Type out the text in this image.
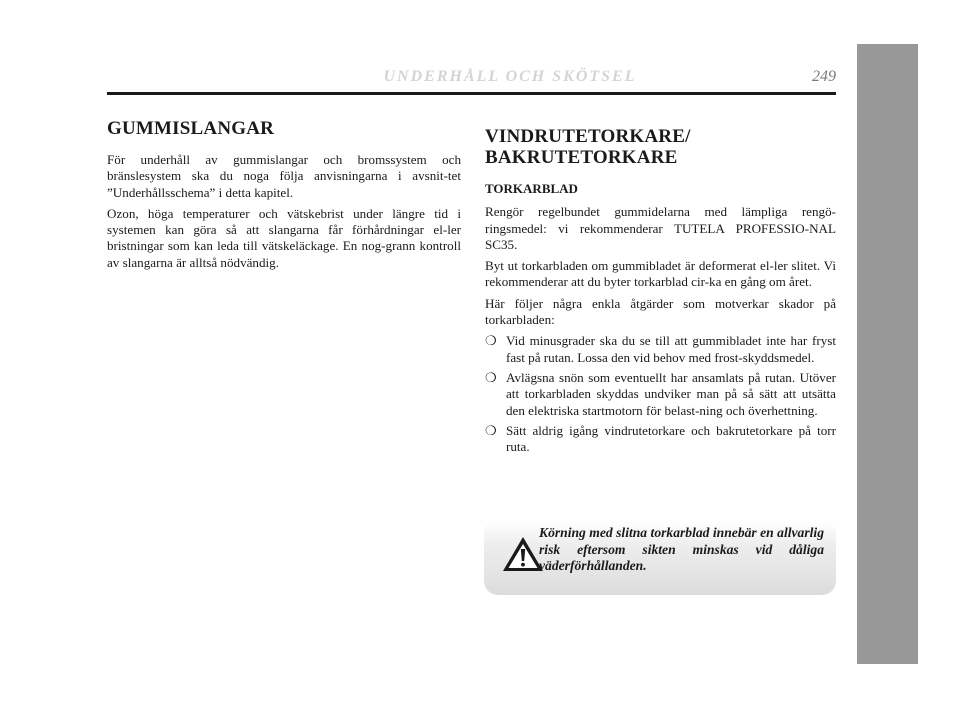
UNDERHÅLL OCH SKÖTSEL	249
GUMMISLANGAR
För underhåll av gummislangar och bromssystem och bränslesystem ska du noga följa anvisningarna i avsnit-tet ”Underhållsschema” i detta kapitel.
Ozon, höga temperaturer och vätskebrist under längre tid i systemen kan göra så att slangarna får förhårdningar el-ler bristningar som kan leda till vätskeläckage. En nog-grann kontroll av slangarna är alltså nödvändig.
VINDRUTETORKARE/
BAKRUTETORKARE
TORKARBLAD
Rengör regelbundet gummidelarna med lämpliga rengö-ringsmedel: vi rekommenderar TUTELA PROFESSIO-NAL SC35.
Byt ut torkarbladen om gummibladet är deformerat el-ler slitet. Vi rekommenderar att du byter torkarblad cir-ka en gång om året.
Här följer några enkla åtgärder som motverkar skador på torkarbladen:
❍ Vid minusgrader ska du se till att gummibladet inte har fryst fast på rutan. Lossa den vid behov med frost-skyddsmedel.
❍ Avlägsna snön som eventuellt har ansamlats på rutan. Utöver att torkarbladen skyddas undviker man på så sätt att utsätta den elektriska startmotorn för belast-ning och överhettning.
❍ Sätt aldrig igång vindrutetorkare och bakrutetorkare på torr ruta.
Körning med slitna torkarblad innebär en allvarlig risk eftersom sikten minskas vid dåliga väderförhållanden.
